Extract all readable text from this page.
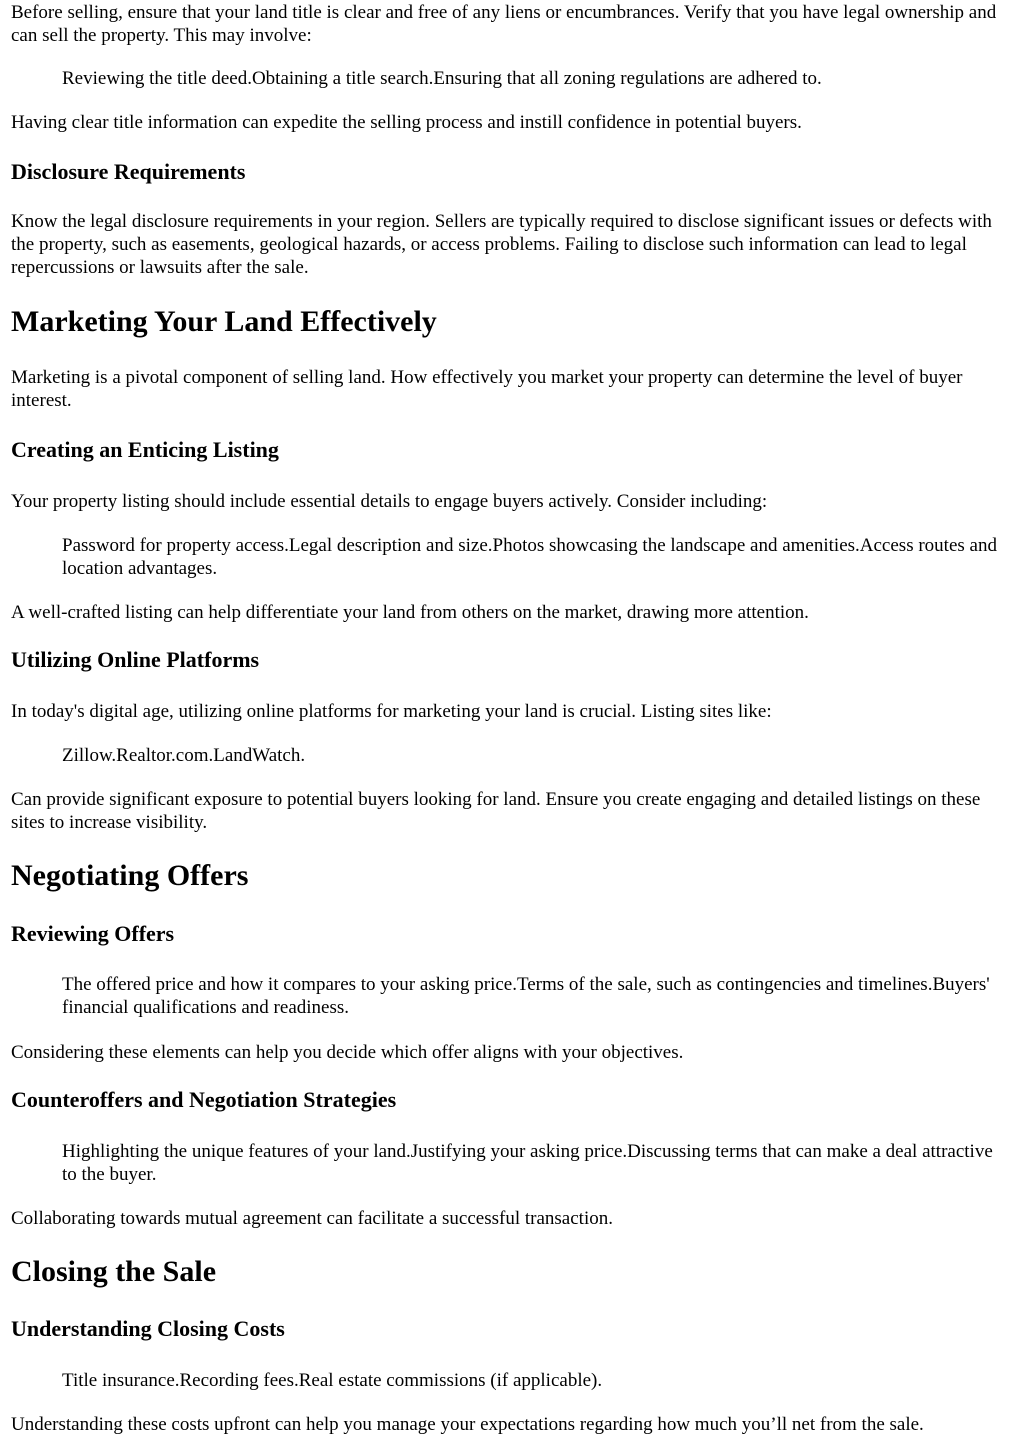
Before selling, ensure that your land title is clear and free of any liens or encumbrances. Verify that you have legal ownership and can sell the property. This may involve:

Reviewing the title deed.Obtaining a title search.Ensuring that all zoning regulations are adhered to.

Having clear title information can expedite the selling process and instill confidence in potential buyers.

Disclosure Requirements

Know the legal disclosure requirements in your region. Sellers are typically required to disclose significant issues or defects with the property, such as easements, geological hazards, or access problems. Failing to disclose such information can lead to legal repercussions or lawsuits after the sale.

Marketing Your Land Effectively

Marketing is a pivotal component of selling land. How effectively you market your property can determine the level of buyer interest.

Creating an Enticing Listing

Your property listing should include essential details to engage buyers actively. Consider including:

Password for property access.Legal description and size.Photos showcasing the landscape and amenities.Access routes and location advantages.

A well-crafted listing can help differentiate your land from others on the market, drawing more attention.

Utilizing Online Platforms

In today's digital age, utilizing online platforms for marketing your land is crucial. Listing sites like:

Zillow.Realtor.com.LandWatch.

Can provide significant exposure to potential buyers looking for land. Ensure you create engaging and detailed listings on these sites to increase visibility.

Negotiating Offers
Reviewing Offers

The offered price and how it compares to your asking price.Terms of the sale, such as contingencies and timelines.Buyers' financial qualifications and readiness.

Considering these elements can help you decide which offer aligns with your objectives.

Counteroffers and Negotiation Strategies

Highlighting the unique features of your land.Justifying your asking price.Discussing terms that can make a deal attractive to the buyer.

Collaborating towards mutual agreement can facilitate a successful transaction.

Closing the Sale
Understanding Closing Costs

Title insurance.Recording fees.Real estate commissions (if applicable).

Understanding these costs upfront can help you manage your expectations regarding how much you’ll net from the sale.
